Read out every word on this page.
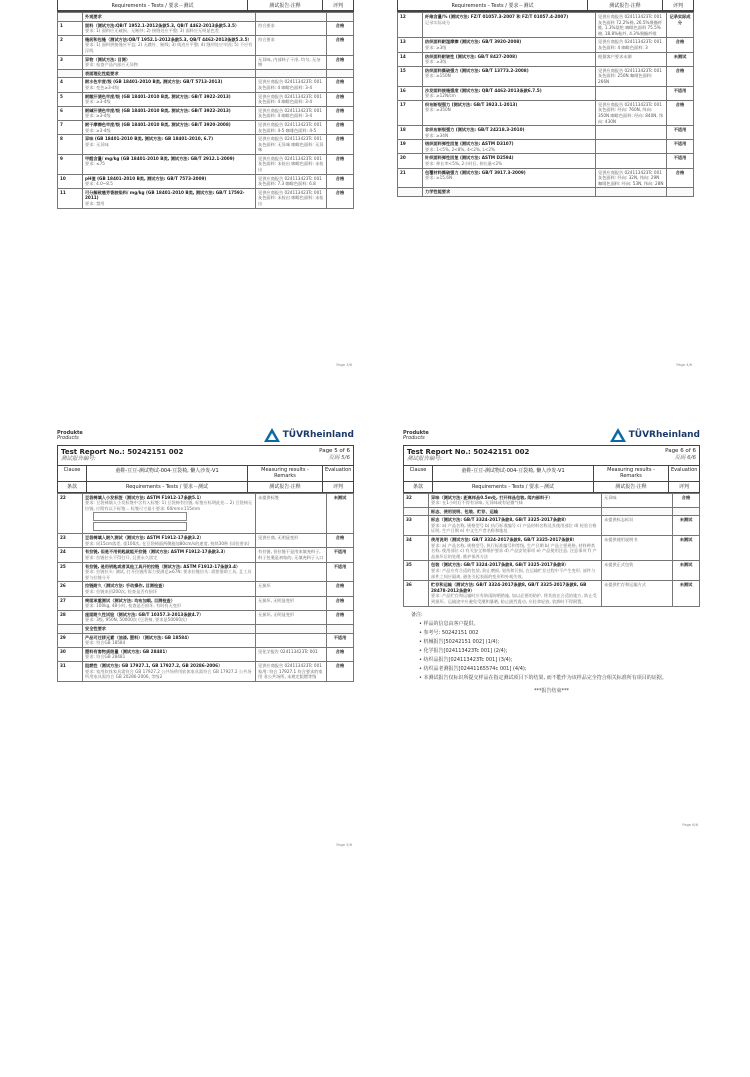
Requirements - Tests / 要求－测试	测试报告·注释	评判

	外观要求		

1	面料（测试方法:QB/T 1952.1-2012条款5.3, QB/T 4462-2013条款5.3.5）
要求: 1) 面料应无破损、无断纱; 2) 接缝处应平整; 3) 面料应无明显色差	符合要求	合格
2	缝纫和包缝（测试方法:QB/T 1952.1-2012条款5.3, QB/T 4462-2013条款5.3.5）
要求: 1) 面料拼接缝应平直; 2) 无跳针、断线; 3) 线迹应平整; 4) 缝纫处应牢固; 5) 不应有浮线	符合要求	合格
3	异物（测试方法: 目测）
要求: 检查产品内部应无异物	无异味, 内部料子干净, 均匀, 无杂物	合格

	表面理化性能要求		

4	耐水色牢度/级 (GB 18401-2010 B类, 测试方法: GB/T 5713-2013)
要求: 变色≥3-4级	见供应商报告 024113423Tc 001 灰色面料: 4 咖啡色面料: 3-4	合格
5	耐酸汗渍色牢度/级 (GB 18401-2010 B类, 测试方法: GB/T 3922-2013)
要求: ≥3-4级	见供应商报告 024113423Tc 001 灰色面料: 4 咖啡色面料: 3-4	合格
6	耐碱汗渍色牢度/级 (GB 18401-2010 B类, 测试方法: GB/T 3922-2013)
要求: ≥3-4级	见供应商报告 024113423Tc 001 灰色面料: 4 咖啡色面料: 3-4	合格
7	耐干摩擦色牢度/级 (GB 18401-2010 B类, 测试方法: GB/T 3920-2008)
要求: ≥3-4级	见供应商报告 024113423Tc 001 灰色面料: 4-5 咖啡色面料: 4-5	合格
8	异味 (GB 18401-2010 B类, 测试方法: GB 18401-2010, 6.7)
要求: 无异味	见供应商报告 024113423Tc 001 灰色面料: 无异味 咖啡色面料: 无异味	合格
9	甲醛含量/ mg/kg (GB 18401-2010 B类, 测试方法: GB/T 2912.1-2009)
要求: ≤75	见供应商报告 024113423Tc 001 灰色面料: 未检出 咖啡色面料: 未检出	合格
10	pH值 (GB 18401-2010 B类, 测试方法: GB/T 7573-2009)
要求: 4.0~8.5	见供应商报告 024113423Tc 001 灰色面料: 7.3 咖啡色面料: 6.8	合格
11	可分解致癌芳香胺染料/ mg/kg (GB 18401-2010 B类, 测试方法: GB/T 17592-2011)
要求: 禁用	见供应商报告 024113423Tc 001 灰色面料: 未检出 咖啡色面料: 未检出	合格
Page 3/6
Requirements - Tests / 要求－测试	测试报告·注释	评判
12	纤维含量/% (测试方法: FZ/T 01057.3-2007 和 FZ/T 01057.4-2007)
记录实际成分	见供应商报告 024113423Tc 001 灰色面料 72.2%棉, 26.5%聚酯纤维, 1.3%氨纶 咖啡色面料 75.5%棉, 18.8%粘纤, 4.3%聚酯纤维	记录实际成分
13	纺织面料耐湿摩擦 (测试方法: GB/T 3920-2008)
要求: ≥3级	见供应商报告 024113423Tc 001 灰色面料: 4 咖啡色面料: 3	合格
14	纺织面料耐皱性 (测试方法: GB/T 8427-2008)
要求: ≥3级	根据客户要求未测	未测试
15	纺织面料撕破强力 (测试方法: GB/T 13773.2-2008)
要求: ≥150N	见供应商报告 024113423Tc 001 灰色面料: 250N 咖啡色面料: 266N	合格
16	沙发面料接缝强度 (测试方法: QB/T 4462-2013条款6.7.5)
要求: ≥12N/cm		不适用
17	织布断裂强力 (测试方法: GB/T 3923.1-2013)
要求: ≥350N	见供应商报告 024113423Tc 001 灰色面料: 经向: 760N, 纬向: 350N 咖啡色面料: 经向: 840N, 纬向: 430N	合格
18	非织布断裂强力 (测试方法: GB/T 24218.3-2010)
要求: ≥34N		不适用
19	绒织面料弹性回复 (测试方法: ASTM D3107)
要求: 1<5%, 2<8%, 4<2%, L<2%		不适用
20	针织面料弹性回复 (测试方法: ASTM D2594)
要求: 伸长率<5%, 2小时后, 伸长量<2%		不适用
21	包覆材料撕破强力 (测试方法: GB/T 3917.3-2009)
要求: ≥15.6N	见供应商报告 024113423Tc 001 灰色面料: 经向: 32N, 纬向: 29N 咖啡色面料: 经向: 53N, 纬向: 28N	合格

	力学性能要求		

Page 4/6
Produkte
Products	TÜVRheinland
Test Report No.: 50242151 002
测试报告编号:
Page 5 of 6
页码 5/6
Clause	童鞋-豆豆-测试物试-004-豆袋椅, 懒人沙发-V1	Measuring results - Remarks
Evaluation
条款	Requirements - Tests / 要求－测试	测试报告·注释	评判
22	豆袋椅填入小发标签（测试方法: ASTM F1912-17条款5.1）
要求: 豆袋椅填入小发标签中含有入标签: 1) 豆袋椅有拉链, 标签应标明此处... 2) 豆袋椅无拉链, 应附有以下标签... 标签尺寸最小要求: 60mm×115mm	未提供标签	未测试
23	豆袋椅填入耐久测试（测试方法: ASTM F1912-17条款3.2）
要求: 同15cm落差, 重100次, 在豆袋椅面两侧施加80cm/s的速度, 持续30秒 (试验要求)	见供应商, 无明显变形	合格
24	有拉链, 但是不用钥匙就能开拉链（测试方法: ASTM F1912-17条款3.3）
要求: 拉链拉头不得打开, 且要永久固定	有拉链, 但拉链不是用来填充料子, 料子包裹是初始的, 无填充料子入口	不适用
25	有拉链, 是用钥匙或者其他工具开的拉链（测试方法: ASTM F1912-17条款3.4）
要求: 拉链拉头: 测试, 打开拉链所需力要满足≥67N; 要求拉链拉头: 需要借助工具, 且工具要与拉链分开		不适用
26	拉链耐久（测试方法: 手动操作, 目测检查）
要求: 拉链来回200次, 检查是否有损坏	无损坏	合格
27	椅面承重测试（测试方法: 均布加载, 目测检查）
要求: 100kg, 48小时, 检查是否损坏, 有时有无变形	无损坏, 无明显变形	合格
28	座面耐久性试验（测试方法: GB/T 10357.3-2013条款4.7）
要求: 3级, 950N, 50000次 (豆袋椅, 要求是50000次)	无损坏, 无明显变形	合格

	安全性要求		

29	产品可迁移元素（油漆, 塑料）（测试方法: GB 18584）
要求: 符合GB 18584		不适用
30	塑料有害物质限量（测试方法: GB 28481）
要求: 符合GB 28481	见化学报告 024113423Tc 001	合格
31	阻燃性（测试方法: GB 17927.1, GB 17927.2, GB 20286-2006）
要求: 家用软体家具需符合 GB 17927.2 公共场所用软体家具需符合 GB 17927.2 公共场所用家具需符合 GB 20286-2006, 等级2	见供应商报告 024113423Tc 001 家用: 符合 17927.1 符合要求的家用 非公共场所, 未规定阻燃等级	合格
Page 5/6
Produkte
Products	TÜVRheinland
Test Report No.: 50242151 002
测试报告编号:
Page 6 of 6
页码 6/6
Clause	童鞋-豆豆-测试物试-004-豆袋椅, 懒人沙发-V1	Measuring results - Remarks
Evaluation
条款	Requirements - Tests / 要求－测试	测试报告·注释	评判
32	异味（测试方法: 距离样品0.5m处, 打开样品包装, 闻内部料子）
要求: 在1小时后不得有异味, 无异味或有轻微气味	无异味	合格

	标志、使用说明、包装、贮存、运输		

33	标志（测试方法: GB/T 3324-2017条款8, GB/T 3325-2017条款8）
要求: a) 产品名称, 规格型号 b) 执行标准编号 c) 产品材料名称及其使用部位 d) 检验合格证明, 生产日期 e) 中文生产者名称和地址	未提供标志标识	未测试
34	使用说明（测试方法: GB/T 3324-2017条款8, GB/T 3325-2017条款8）
要求: a) 产品名称, 规格型号, 执行标准编号和等级, 生产日期 b) 产品主要规格, 材料种类名称, 使用部位 c) 有关安全和维护要求 d) 产品安装事项 e) 产品使用注意, 注意事项 f) 产品损坏后的处理, 维护保养方法	未提供使用说明书	未测试
35	包装（测试方法: GB/T 3324-2017条款8, GB/T 3325-2017条款8）
要求: 产品应有合适的包装, 防止磨损, 划伤和污损, 在运输贮存过程中不产生变形, 部件与部件之间应隔离, 避免引起表面的变形和外观失效。	未提供正式包装	未测试
36	贮存和运输（测试方法: GB/T 3324-2017条款8, GB/T 3325-2017条款8, GB 28478-2012条款9）
要求: 产品贮存和运输时应有防雨防晒措施, 加以必要的防护, 将其放在合适的地方, 防止受到损坏。运输途中应避免受潮和暴晒, 防止剧烈震动, 应轻拿轻放, 装卸时不得倒置。	未提供贮存和运输方式	未测试
备注:
• 样品的信息由客户提供。
• 参考号: 50242151 002
• 机械报告[50242151 002] (1/4);
• 化学报告[024113423Tc 001] (2/4);
• 纺织品报告[024113423Tc 001] (3/4);
• 纺织品老测报告[02441165574c 001] (4/4);
• 本测试报告仅标识所提交样品在指定测试项目下的结果, 而不能作为该样品完全符合相关标准所有项目的证据。
***报告结束***
Page 6/6
